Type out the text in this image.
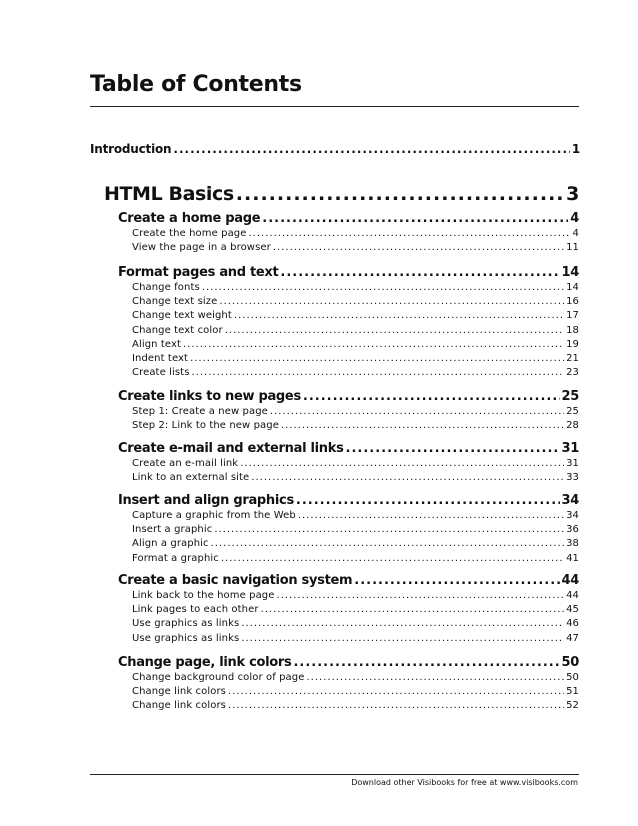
Table of Contents
Introduction .....	1
HTML Basics .....	3
Create a home page .....	4
Create the home page .....	4
View the page in a browser .....	11
Format pages and text .....	14
Change fonts .....	14
Change text size .....	16
Change text weight .....	17
Change text color .....	18
Align text .....	19
Indent text .....	21
Create lists .....	23
Create links to new pages .....	25
Step 1: Create a new page .....	25
Step 2: Link to the new page .....	28
Create e-mail and external links .....	31
Create an e-mail link .....	31
Link to an external site .....	33
Insert and align graphics .....	34
Capture a graphic from the Web .....	34
Insert a graphic .....	36
Align a graphic .....	38
Format a graphic .....	41
Create a basic navigation system .....	44
Link back to the home page .....	44
Link pages to each other .....	45
Use graphics as links .....	46
Use graphics as links .....	47
Change page, link colors .....	50
Change background color of page .....	50
Change link colors .....	51
Change link colors .....	52
Download other Visibooks for free at www.visibooks.com
